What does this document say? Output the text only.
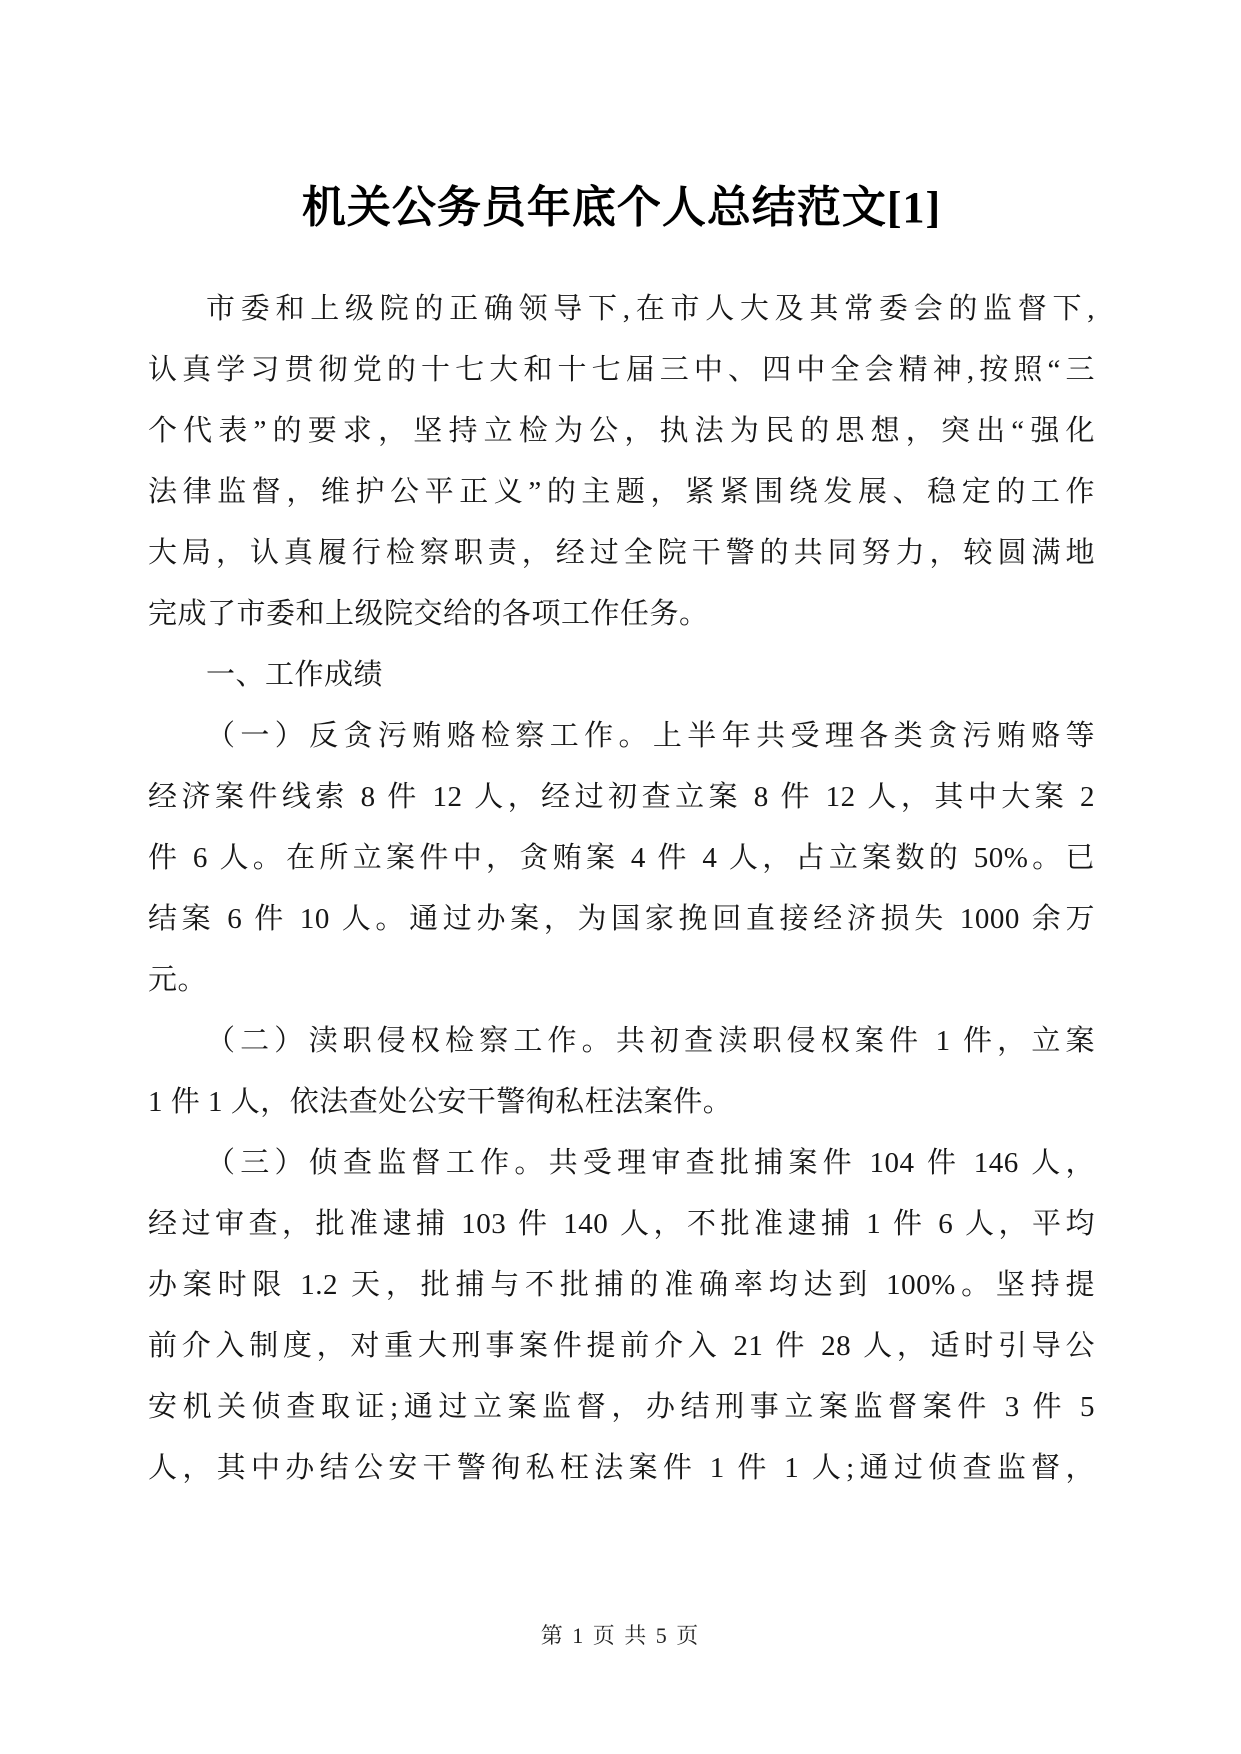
机关公务员年底个人总结范文[1]
市委和上级院的正确领导下,在市人大及其常委会的监督下,
认真学习贯彻党的十七大和十七届三中、四中全会精神,按照“三
个代表”的要求，坚持立检为公，执法为民的思想，突出“强化
法律监督，维护公平正义”的主题，紧紧围绕发展、稳定的工作
大局，认真履行检察职责，经过全院干警的共同努力，较圆满地
完成了市委和上级院交给的各项工作任务。
一、工作成绩
（一）反贪污贿赂检察工作。上半年共受理各类贪污贿赂等
经济案件线索 8 件 12 人，经过初查立案 8 件 12 人，其中大案 2
件 6 人。在所立案件中，贪贿案 4 件 4 人，占立案数的 50%。已
结案 6 件 10 人。通过办案，为国家挽回直接经济损失 1000 余万
元。
（二）渎职侵权检察工作。共初查渎职侵权案件 1 件，立案
1 件 1 人，依法查处公安干警徇私枉法案件。
（三）侦查监督工作。共受理审查批捕案件 104 件 146 人，
经过审查，批准逮捕 103 件 140 人，不批准逮捕 1 件 6 人，平均
办案时限 1.2 天，批捕与不批捕的准确率均达到 100%。坚持提
前介入制度，对重大刑事案件提前介入 21 件 28 人，适时引导公
安机关侦查取证;通过立案监督，办结刑事立案监督案件 3 件 5
人，其中办结公安干警徇私枉法案件 1 件 1 人;通过侦查监督，
第 1 页 共 5 页
